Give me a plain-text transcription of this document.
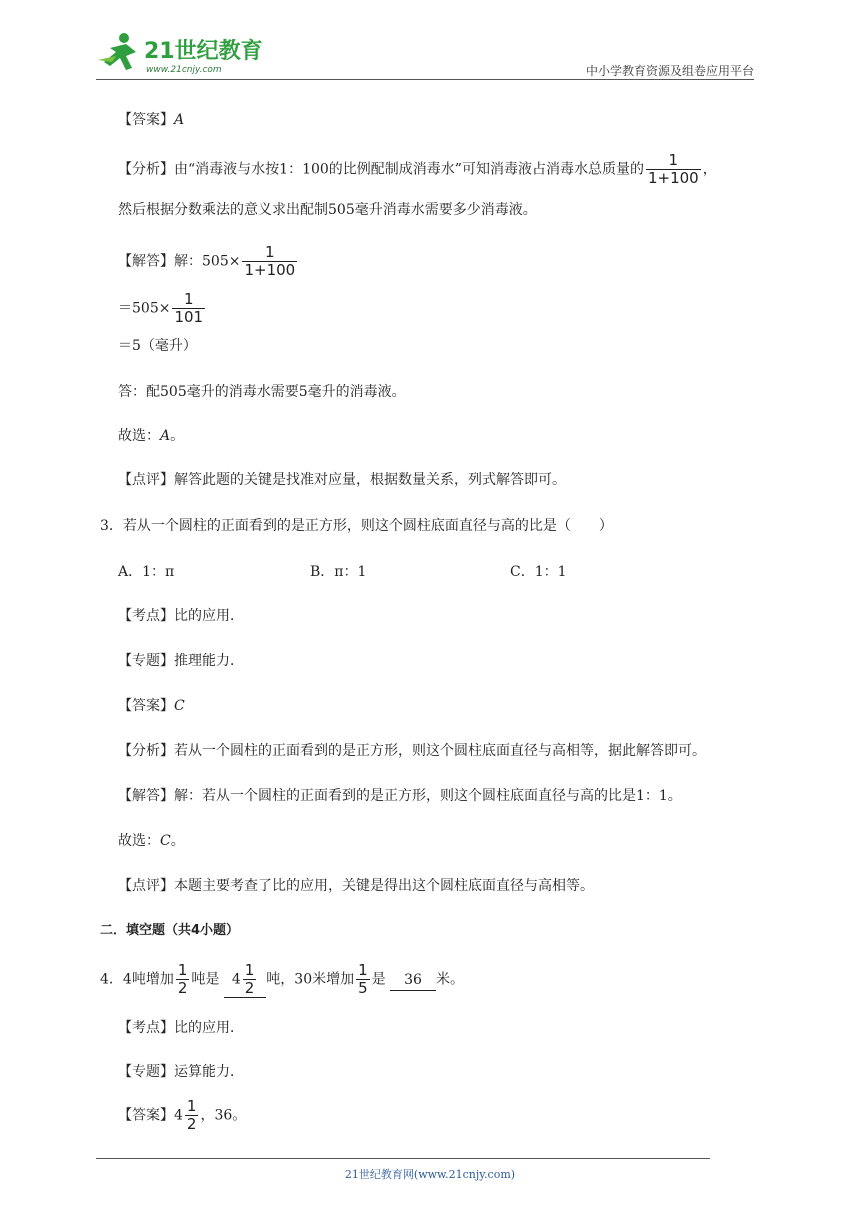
21世纪教育
www.21cnjy.com	中小学教育资源及组卷应用平台
【答案】A
【分析】由“消毒液与水按1：100的比例配制成消毒水”可知消毒液占消毒水总质量的 $\frac{1}{1+100}$ ，
然后根据分数乘法的意义求出配制505毫升消毒水需要多少消毒液。
【解答】解：$505\times \frac{1}{1+100}$
$=505\times \frac{1}{101}$
＝5（毫升）
答：配505毫升的消毒水需要5毫升的消毒液。
故选：A。
【点评】解答此题的关键是找准对应量，根据数量关系，列式解答即可。
3．若从一个圆柱的正面看到的是正方形，则这个圆柱底面直径与高的比是（　　）
A．1：π	B．π：1	C．1：1
【考点】比的应用．
【专题】推理能力．
【答案】C
【分析】若从一个圆柱的正面看到的是正方形，则这个圆柱底面直径与高相等，据此解答即可。
【解答】解：若从一个圆柱的正面看到的是正方形，则这个圆柱底面直径与高的比是1：1。
故选：C。
【点评】本题主要考查了比的应用，关键是得出这个圆柱底面直径与高相等。
二．填空题（共4小题）
4．4吨增加 $\frac{1}{2}$ 吨是 $4 \frac{1}{2}$ 吨，30米增加 $\frac{1}{5}$ 是 36 米。
【考点】比的应用．
【专题】运算能力．
【答案】$4 \frac{1}{2}$ ，36。
21世纪教育网(www.21cnjy.com)
